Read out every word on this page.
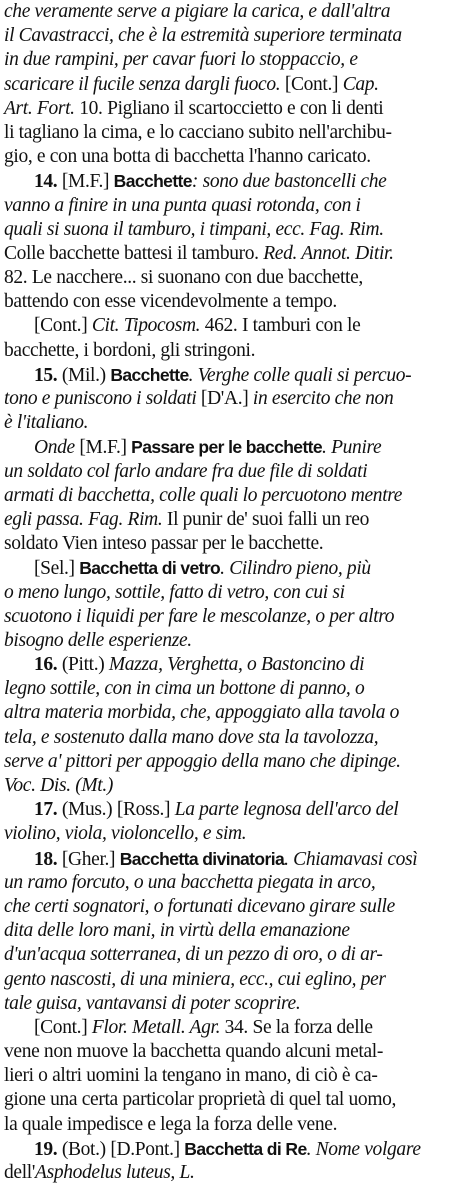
che veramente serve a pigiare la carica, e dall'altra
il Cavastracci, che è la estremità superiore terminata
in due rampini, per cavar fuori lo stoppaccio, e
scaricare il fucile senza dargli fuoco. [Cont.] Cap.
Art. Fort. 10. Pigliano il scartoccietto e con li denti
li tagliano la cima, e lo cacciano subito nell'archibu-
gio, e con una botta di bacchetta l'hanno caricato.
14. [M.F.] Bacchette: sono due bastoncelli che
vanno a finire in una punta quasi rotonda, con i
quali si suona il tamburo, i timpani, ecc. Fag. Rim.
Colle bacchette battesi il tamburo. Red. Annot. Ditir.
82. Le nacchere... si suonano con due bacchette,
battendo con esse vicendevolmente a tempo.
[Cont.] Cit. Tipocosm. 462. I tamburi con le
bacchette, i bordoni, gli stringoni.
15. (Mil.) Bacchette. Verghe colle quali si percuo-
tono e puniscono i soldati [D'A.] in esercito che non
è l'italiano.
Onde [M.F.] Passare per le bacchette. Punire
un soldato col farlo andare fra due file di soldati
armati di bacchetta, colle quali lo percuotono mentre
egli passa. Fag. Rim. Il punir de' suoi falli un reo
soldato Vien inteso passar per le bacchette.
[Sel.] Bacchetta di vetro. Cilindro pieno, più
o meno lungo, sottile, fatto di vetro, con cui si
scuotono i liquidi per fare le mescolanze, o per altro
bisogno delle esperienze.
16. (Pitt.) Mazza, Verghetta, o Bastoncino di
legno sottile, con in cima un bottone di panno, o
altra materia morbida, che, appoggiato alla tavola o
tela, e sostenuto dalla mano dove sta la tavolozza,
serve a' pittori per appoggio della mano che dipinge.
Voc. Dis. (Mt.)
17. (Mus.) [Ross.] La parte legnosa dell'arco del
violino, viola, violoncello, e sim.
18. [Gher.] Bacchetta divinatoria. Chiamavasi così
un ramo forcuto, o una bacchetta piegata in arco,
che certi sognatori, o fortunati dicevano girare sulle
dita delle loro mani, in virtù della emanazione
d'un'acqua sotterranea, di un pezzo di oro, o di ar-
gento nascosti, di una miniera, ecc., cui eglino, per
tale guisa, vantavansi di poter scoprire.
[Cont.] Flor. Metall. Agr. 34. Se la forza delle
vene non muove la bacchetta quando alcuni metal-
lieri o altri uomini la tengano in mano, di ciò è ca-
gione una certa particolar proprietà di quel tal uomo,
la quale impedisce e lega la forza delle vene.
19. (Bot.) [D.Pont.] Bacchetta di Re. Nome volgare
dell'Asphodelus luteus, L.
